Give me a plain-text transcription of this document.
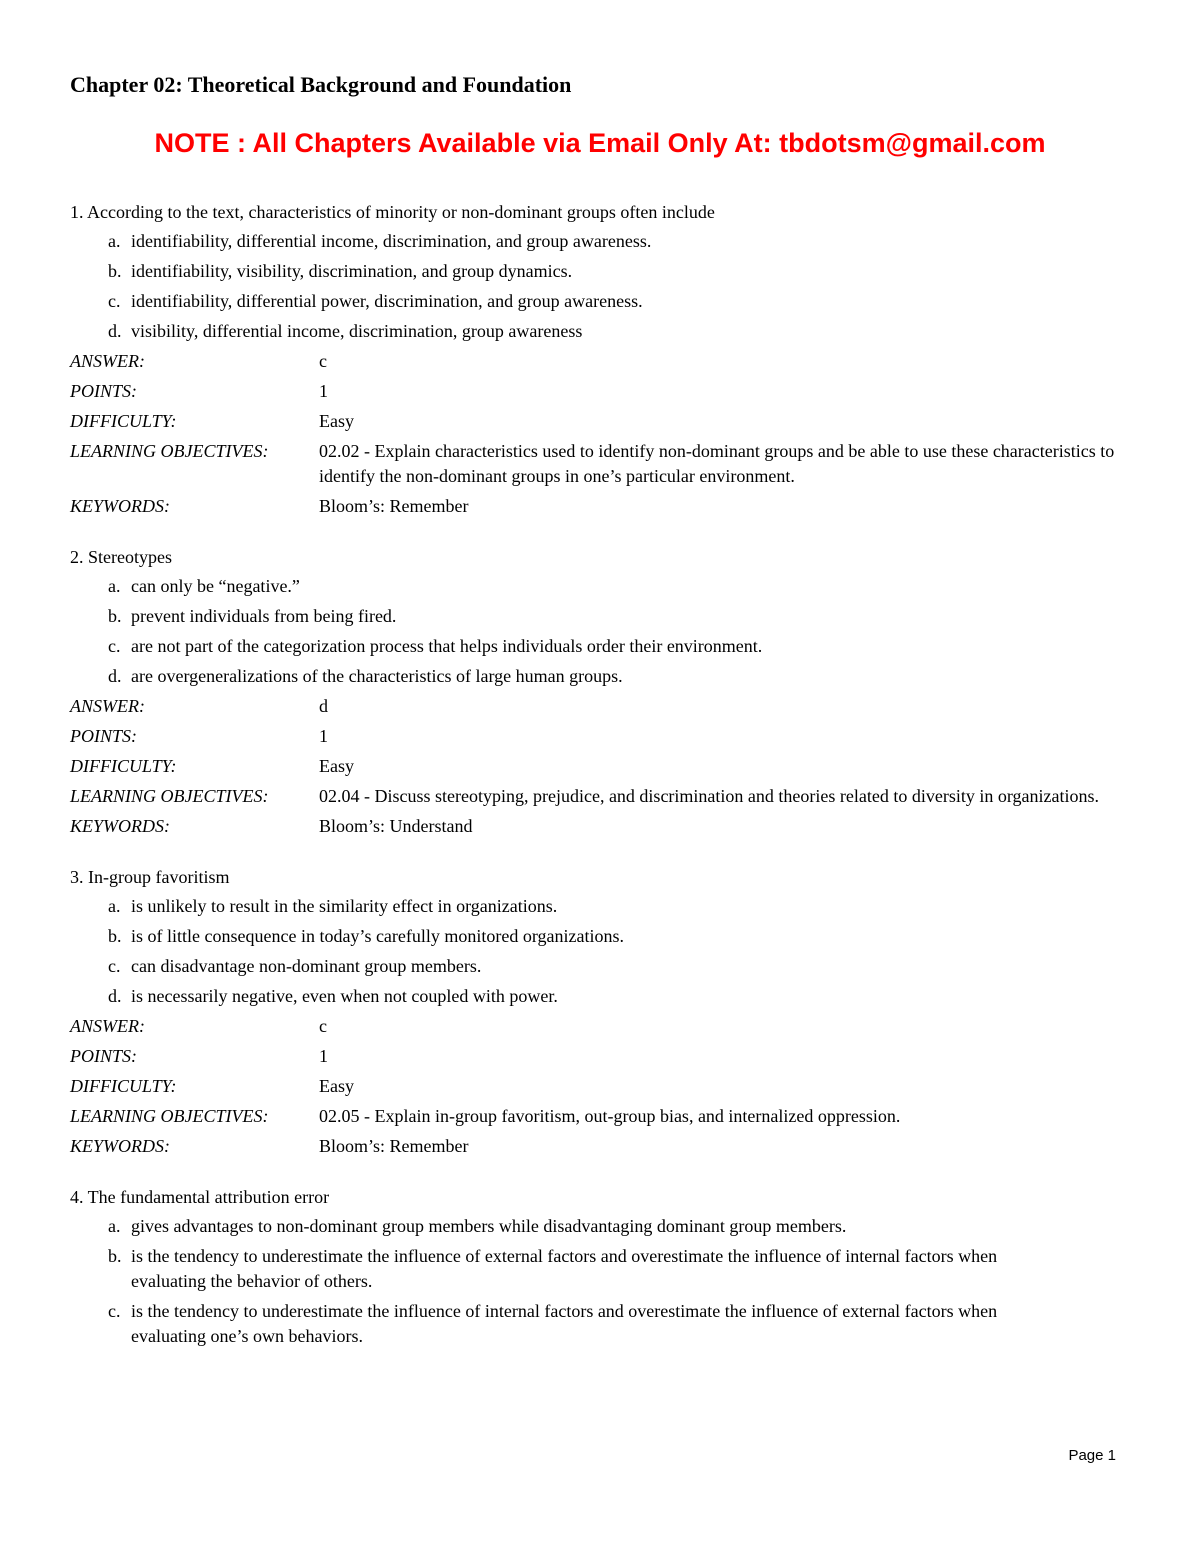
Chapter 02: Theoretical Background and Foundation
NOTE : All Chapters Available via Email Only At: tbdotsm@gmail.com
1. According to the text, characteristics of minority or non-dominant groups often include
a. identifiability, differential income, discrimination, and group awareness.
b. identifiability, visibility, discrimination, and group dynamics.
c. identifiability, differential power, discrimination, and group awareness.
d. visibility, differential income, discrimination, group awareness
ANSWER:	c
POINTS:	1
DIFFICULTY:	Easy
LEARNING OBJECTIVES:	02.02 - Explain characteristics used to identify non-dominant groups and be able to use these characteristics to identify the non-dominant groups in one’s particular environment.
KEYWORDS:	Bloom’s: Remember
2. Stereotypes
a. can only be “negative.”
b. prevent individuals from being fired.
c. are not part of the categorization process that helps individuals order their environment.
d. are overgeneralizations of the characteristics of large human groups.
ANSWER:	d
POINTS:	1
DIFFICULTY:	Easy
LEARNING OBJECTIVES:	02.04 - Discuss stereotyping, prejudice, and discrimination and theories related to diversity in organizations.
KEYWORDS:	Bloom’s: Understand
3. In-group favoritism
a. is unlikely to result in the similarity effect in organizations.
b. is of little consequence in today’s carefully monitored organizations.
c. can disadvantage non-dominant group members.
d. is necessarily negative, even when not coupled with power.
ANSWER:	c
POINTS:	1
DIFFICULTY:	Easy
LEARNING OBJECTIVES:	02.05 - Explain in-group favoritism, out-group bias, and internalized oppression.
KEYWORDS:	Bloom’s: Remember
4. The fundamental attribution error
a. gives advantages to non-dominant group members while disadvantaging dominant group members.
b. is the tendency to underestimate the influence of external factors and overestimate the influence of internal factors when evaluating the behavior of others.
c. is the tendency to underestimate the influence of internal factors and overestimate the influence of external factors when evaluating one’s own behaviors.
Page 1
